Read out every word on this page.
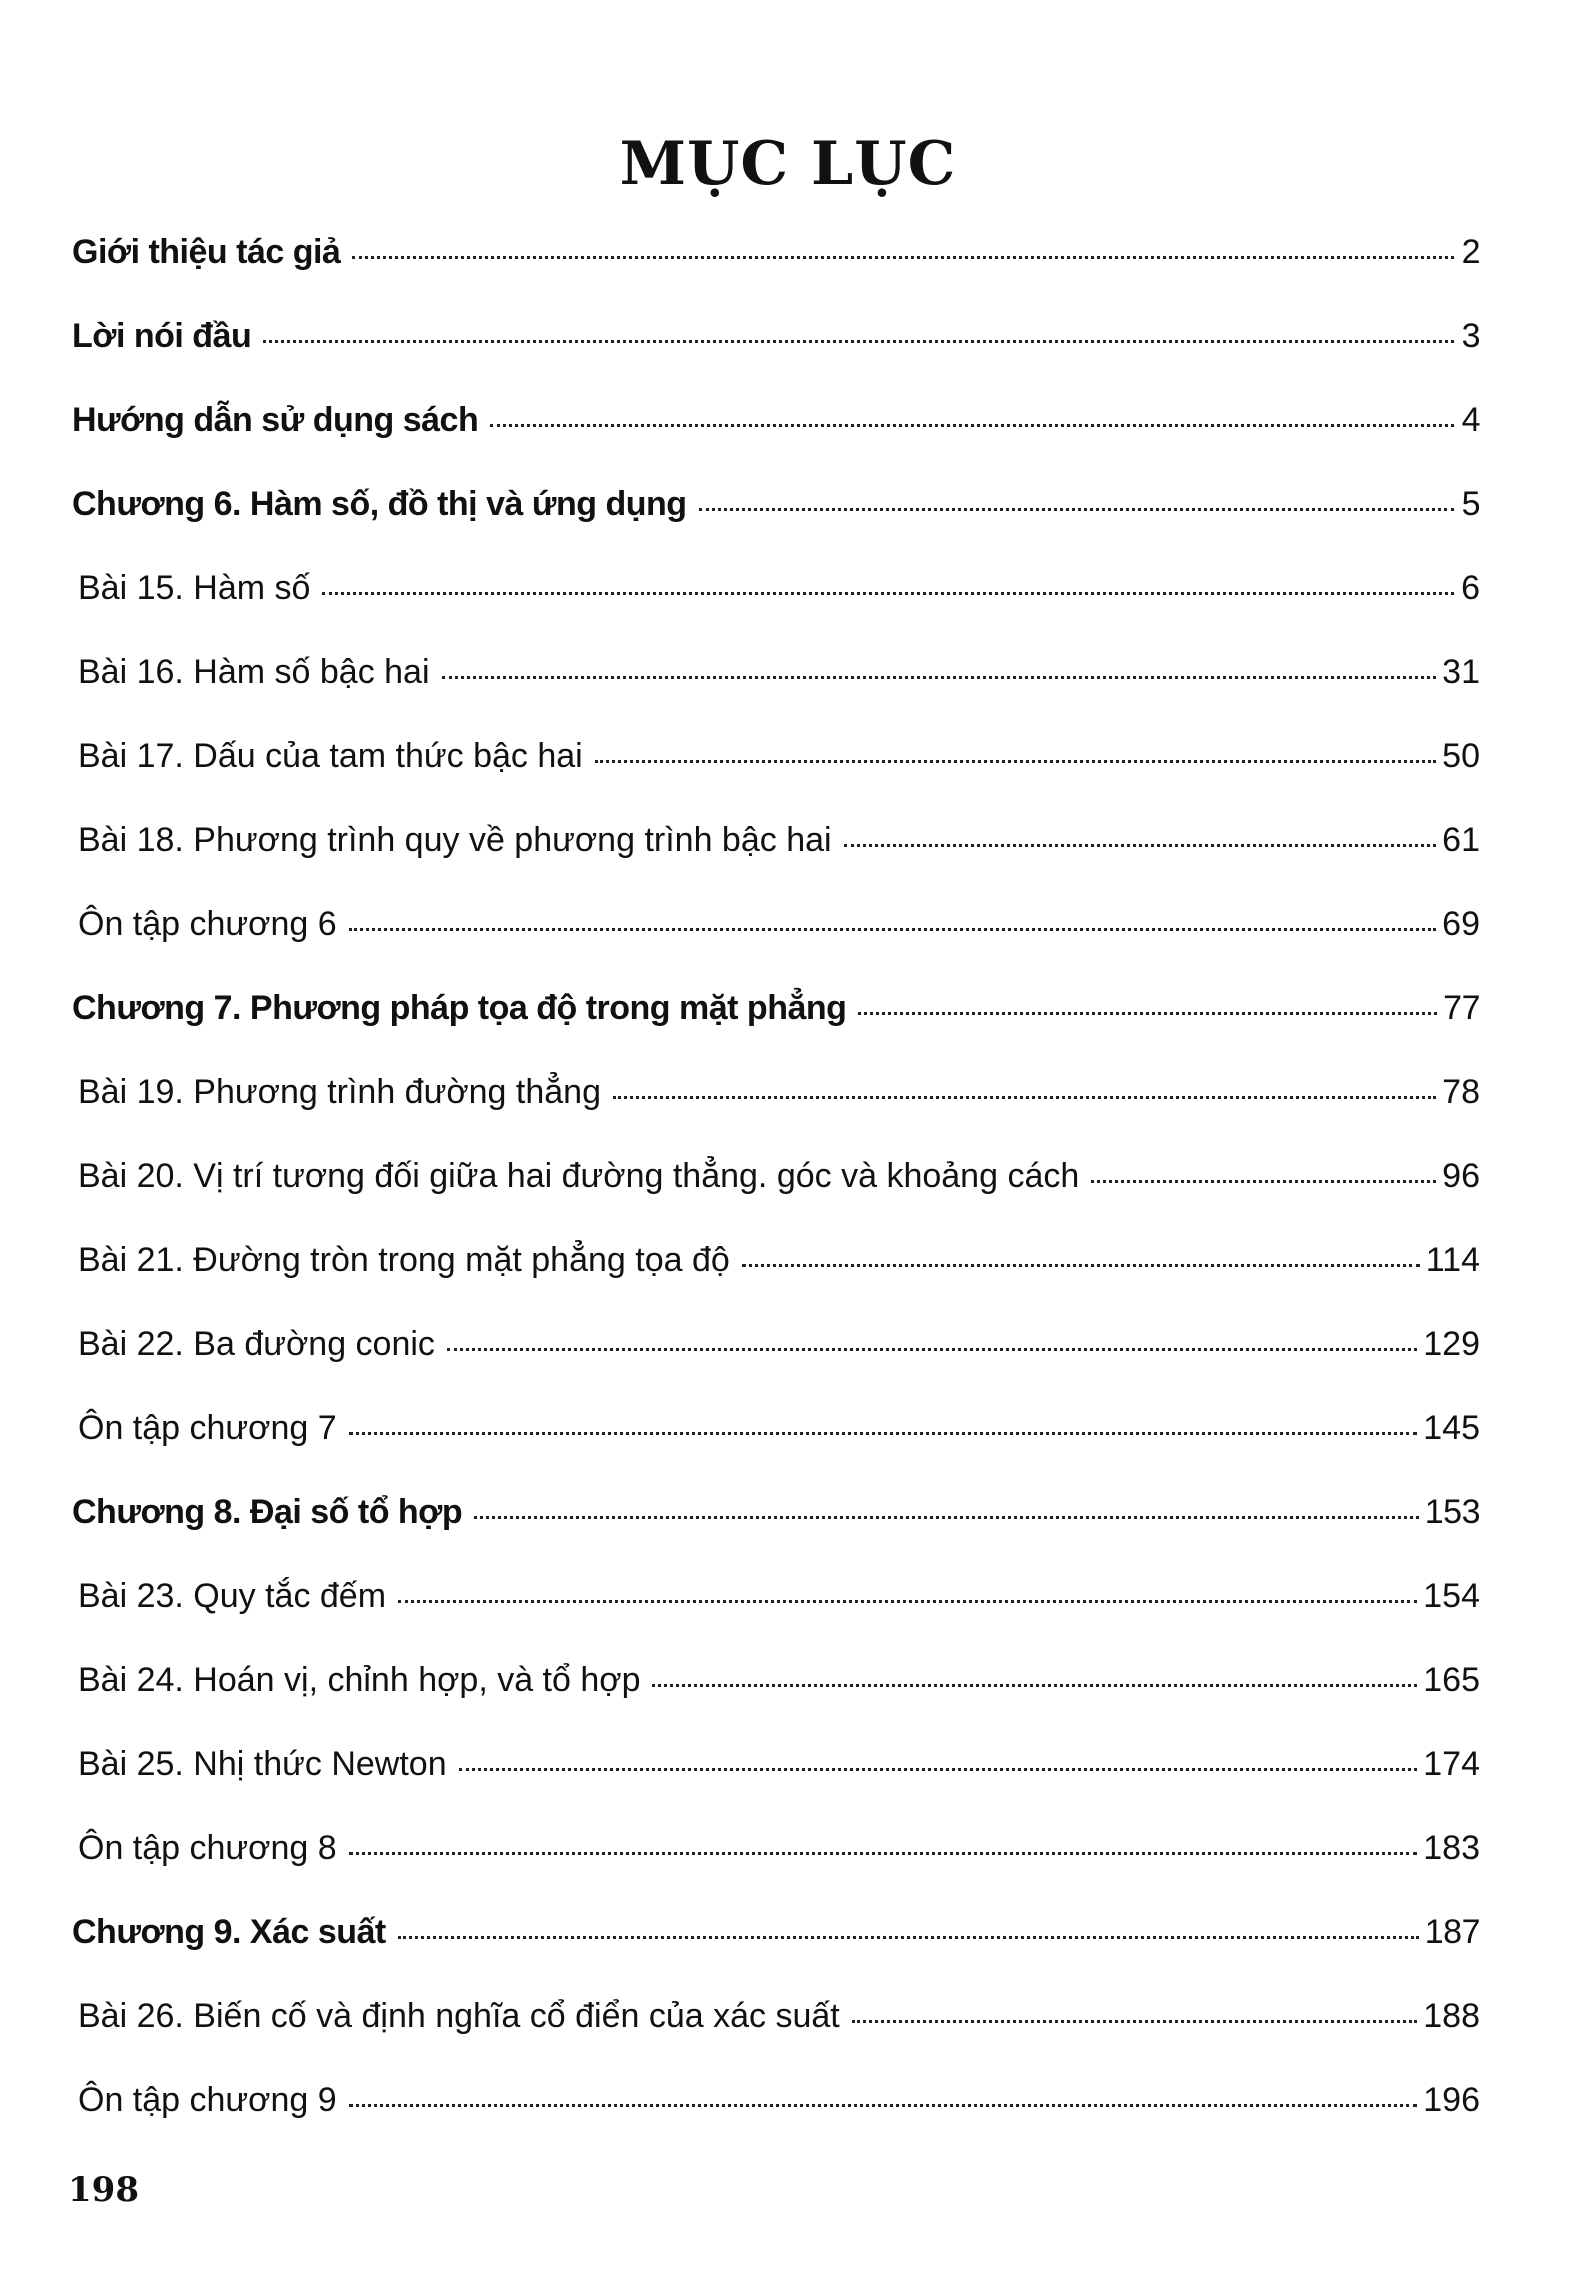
MỤC LỤC
Giới thiệu tác giả	2
Lời nói đầu	3
Hướng dẫn sử dụng sách	4
Chương 6. Hàm số, đồ thị và ứng dụng	5
Bài 15. Hàm số	6
Bài 16. Hàm số bậc hai	31
Bài 17. Dấu của tam thức bậc hai	50
Bài 18. Phương trình quy về phương trình bậc hai	61
Ôn tập chương 6	69
Chương 7. Phương pháp tọa độ trong mặt phẳng	77
Bài 19. Phương trình đường thẳng	78
Bài 20. Vị trí tương đối giữa hai đường thẳng. góc và khoảng cách	96
Bài 21. Đường tròn trong mặt phẳng tọa độ	114
Bài 22. Ba đường conic	129
Ôn tập chương 7	145
Chương 8. Đại số tổ hợp	153
Bài 23. Quy tắc đếm	154
Bài 24. Hoán vị, chỉnh hợp, và tổ hợp	165
Bài 25. Nhị thức Newton	174
Ôn tập chương 8	183
Chương 9. Xác suất	187
Bài 26. Biến cố và định nghĩa cổ điển của xác suất	188
Ôn tập chương 9	196
198
